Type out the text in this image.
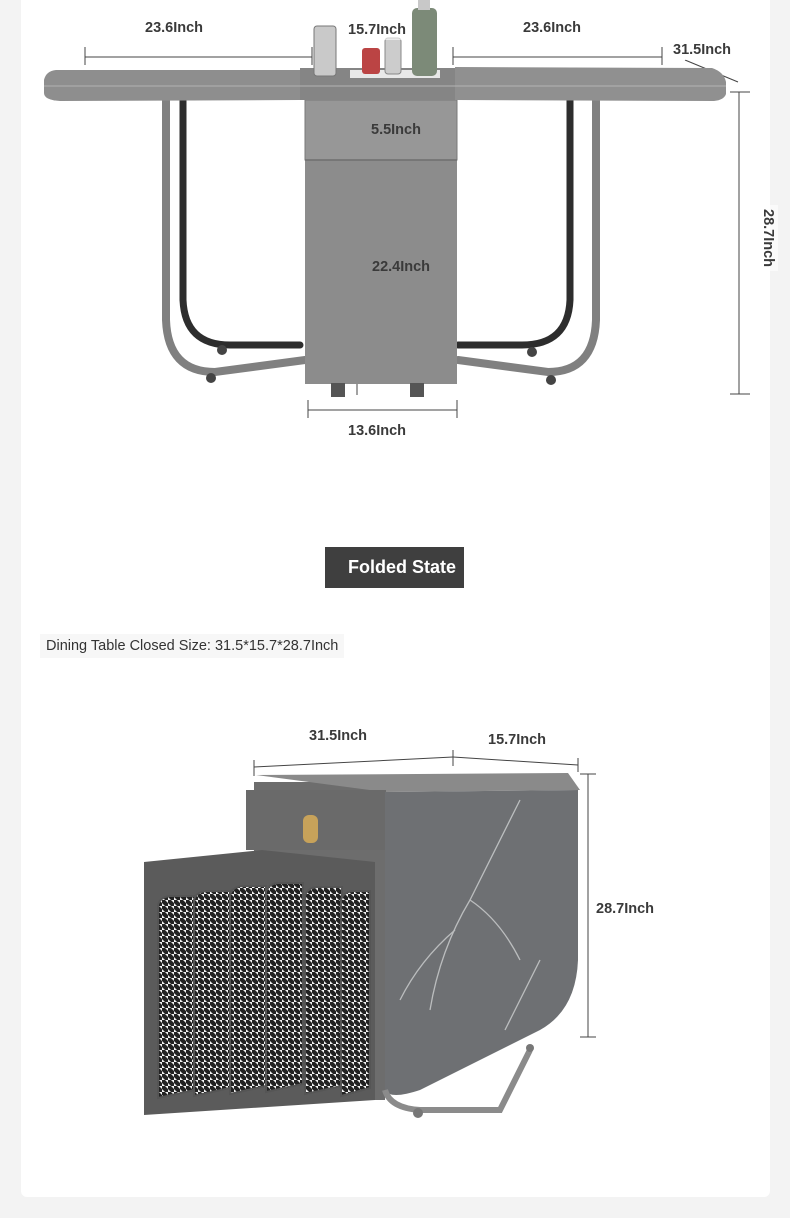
23.6Inch	15.7Inch	23.6Inch
31.5Inch
28.7Inch
5.5Inch
22.4Inch
13.6Inch
Folded State
Dining Table Closed Size: 31.5*15.7*28.7Inch
31.5Inch	15.7Inch
28.7Inch
